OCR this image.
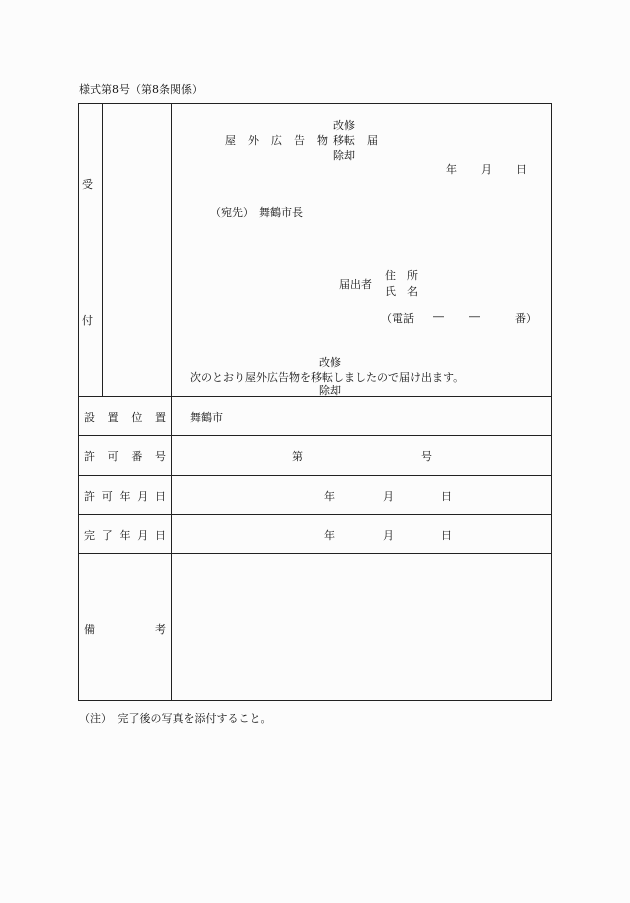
様式第8号（第8条関係）
受
付
屋　外　広　告　物
改修
移転
除却
届
年 月 日
（宛先） 舞鶴市長
届出者
住　所
氏　名
（電話 ― ―	番）
改修
次のとおり屋外広告物を移転しましたので届け出ます。
除却
設 置 位 置 舞鶴市
許 可 番 号	第	号
許 可 年 月 日	年	月	日
完 了 年 月 日	年	月	日
備	考
（注）　完了後の写真を添付すること。
